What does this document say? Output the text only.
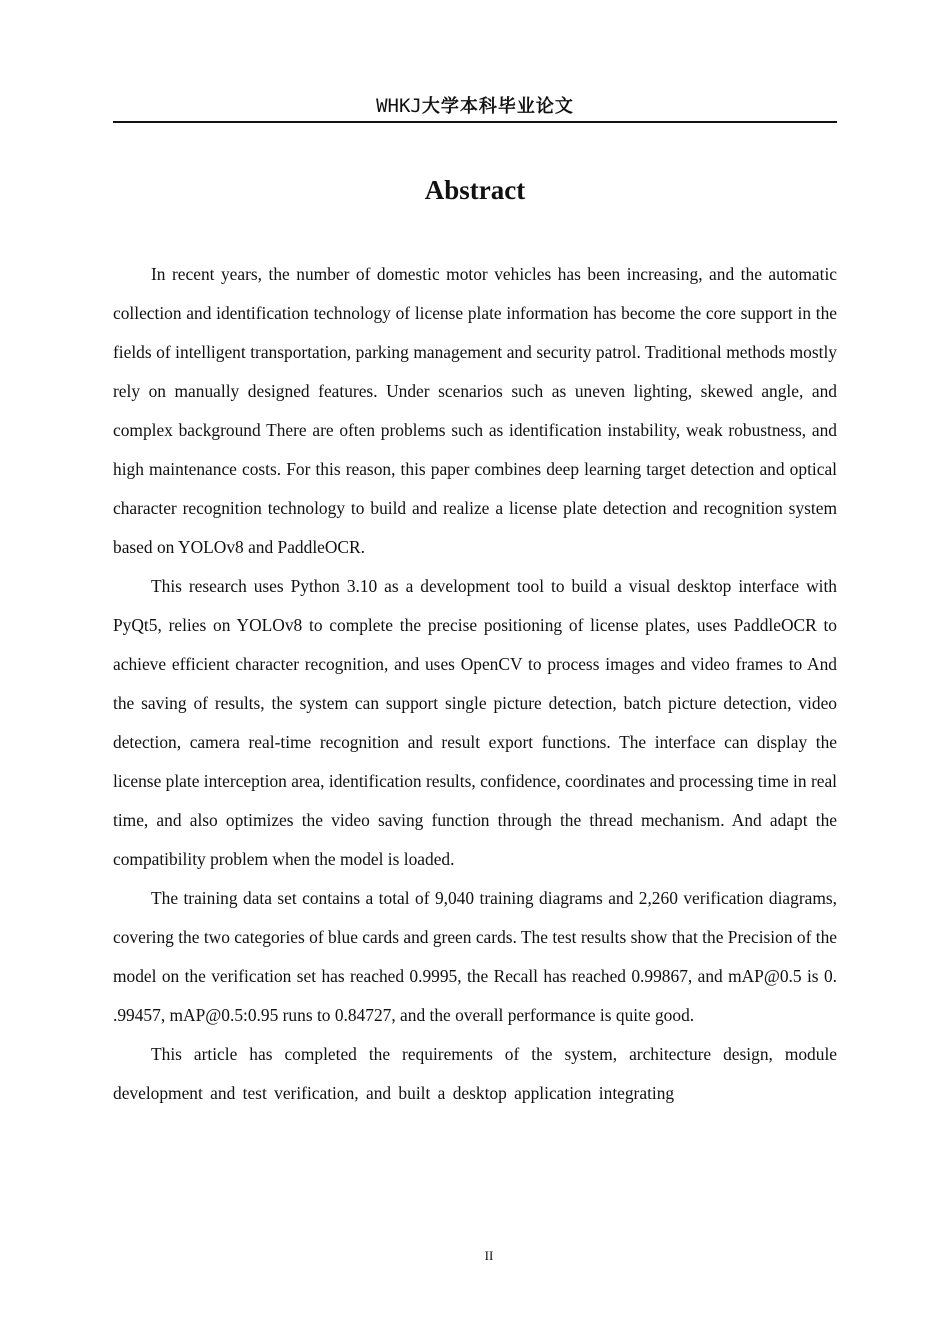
WHKJ大学本科毕业论文
Abstract

In recent years, the number of domestic motor vehicles has been increasing, and the automatic collection and identification technology of license plate information has become the core support in the fields of intelligent transportation, parking management and security patrol. Traditional methods mostly rely on manually designed features. Under scenarios such as uneven lighting, skewed angle, and complex background There are often problems such as identification instability, weak robustness, and high maintenance costs. For this reason, this paper combines deep learning target detection and optical character recognition technology to build and realize a license plate detection and recognition system based on YOLOv8 and PaddleOCR.

This research uses Python 3.10 as a development tool to build a visual desktop interface with PyQt5, relies on YOLOv8 to complete the precise positioning of license plates, uses PaddleOCR to achieve efficient character recognition, and uses OpenCV to process images and video frames to And the saving of results, the system can support single picture detection, batch picture detection, video detection, camera real-time recognition and result export functions. The interface can display the license plate interception area, identification results, confidence, coordinates and processing time in real time, and also optimizes the video saving function through the thread mechanism. And adapt the compatibility problem when the model is loaded.

The training data set contains a total of 9,040 training diagrams and 2,260 verification diagrams, covering the two categories of blue cards and green cards. The test results show that the Precision of the model on the verification set has reached 0.9995, the Recall has reached 0.99867, and mAP@0.5 is 0. .99457, mAP@0.5:0.95 runs to 0.84727, and the overall performance is quite good.

This article has completed the requirements of the system, architecture design, module development and test verification, and built a desktop application integrating

II
